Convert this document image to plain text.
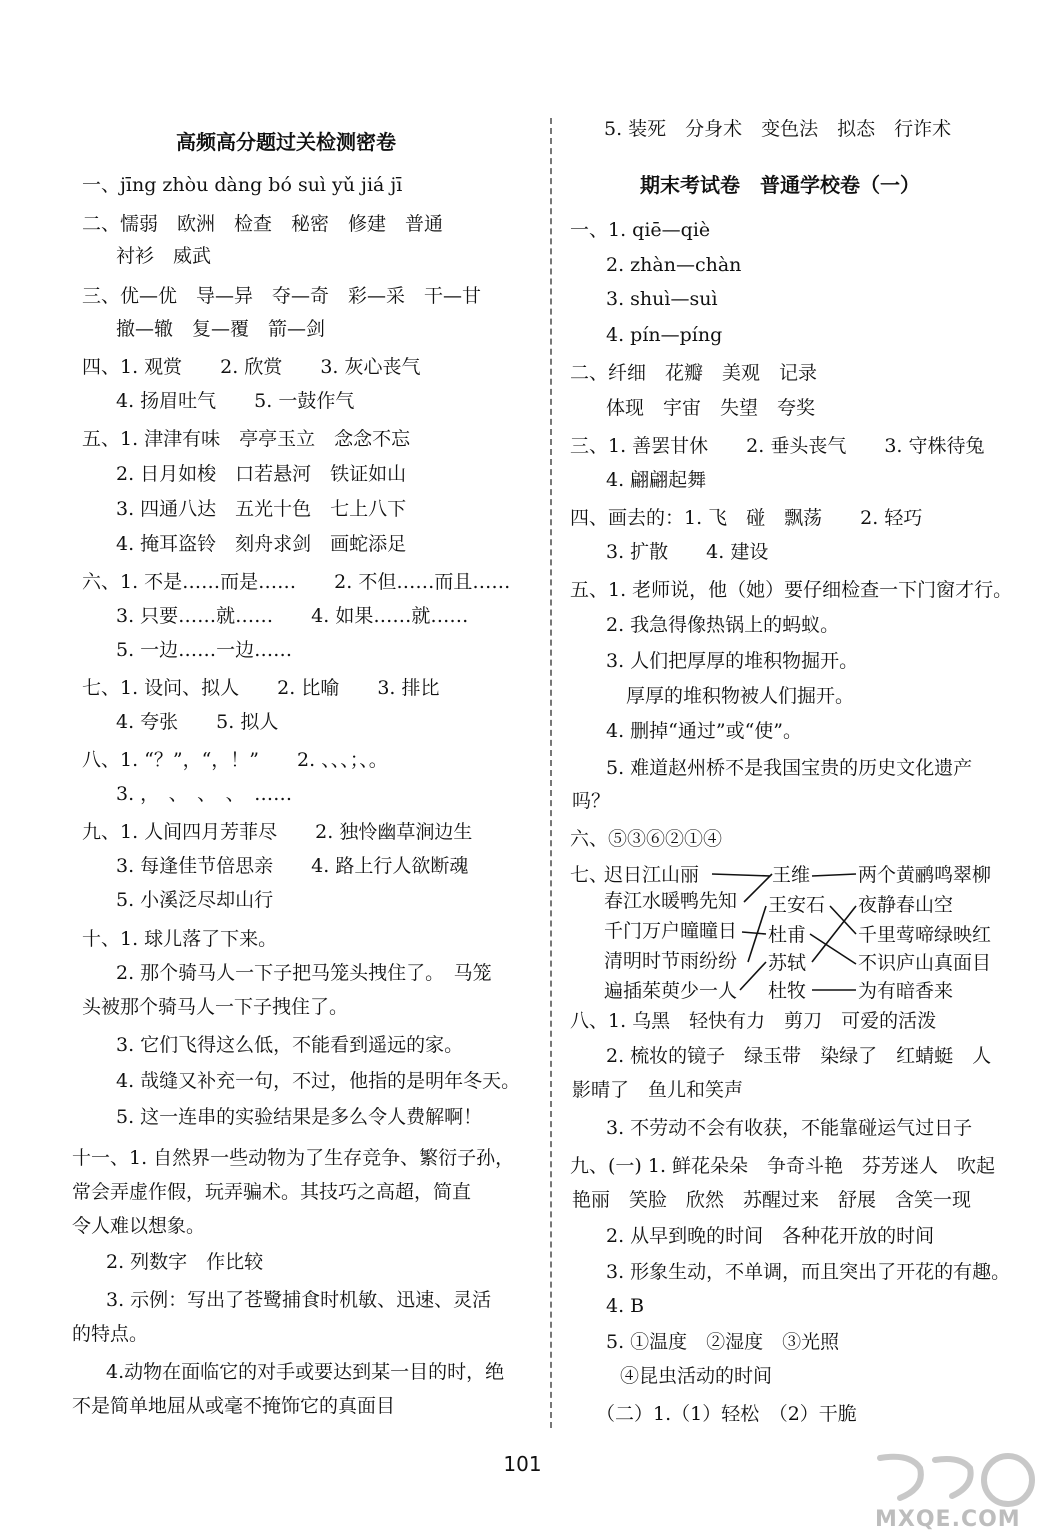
高频高分题过关检测密卷
一、jīng zhòu dàng bó suì yǔ jiá jī
二、懦弱　欧洲　检查　秘密　修建　普通
衬衫　威武
三、优—优　导—异　夺—奇　彩—采　干—甘
撤—辙　复—覆　箭—剑
四、1. 观赏　　2. 欣赏　　3. 灰心丧气
4. 扬眉吐气　　5. 一鼓作气
五、1. 津津有味　亭亭玉立　念念不忘
2. 日月如梭　口若悬河　铁证如山
3. 四通八达　五光十色　七上八下
4. 掩耳盗铃　刻舟求剑　画蛇添足
六、1. 不是……而是……　　2. 不但……而且……
3. 只要……就……　　4. 如果……就……
5. 一边……一边……
七、1. 设问、拟人　　2. 比喻　　3. 排比
4. 夸张　　5. 拟人
八、1. “？”，“，！”　　2. 、、、；、。
3. ，　、　、　、　……
九、1. 人间四月芳菲尽　　2. 独怜幽草涧边生
3. 每逢佳节倍思亲　　4. 路上行人欲断魂
5. 小溪泛尽却山行
十、1. 球儿落了下来。
2. 那个骑马人一下子把马笼头拽住了。　马笼
头被那个骑马人一下子拽住了。
3. 它们飞得这么低，不能看到遥远的家。
4. 哉缝又补充一句，不过，他指的是明年冬天。
5. 这一连串的实验结果是多么令人费解啊！
十一、1. 自然界一些动物为了生存竞争、繁衍子孙，
常会弄虚作假，玩弄骗术。其技巧之高超，简直
令人难以想象。
2. 列数字　作比较
3. 示例：写出了苍鹭捕食时机敏、迅速、灵活
的特点。
4.动物在面临它的对手或要达到某一目的时，绝
不是简单地屈从或毫不掩饰它的真面目
5. 装死　分身术　变色法　拟态　行诈术
期末考试卷　普通学校卷（一）
一、1. qiē—qiè
2. zhàn—chàn
3. shuì—suì
4. pín—píng
二、纤细　花瓣　美观　记录
体现　宇宙　失望　夸奖
三、1. 善罢甘休　　2. 垂头丧气　　3. 守株待兔
4. 翩翩起舞
四、画去的：1. 飞　碰　飘荡　　2. 轻巧
3. 扩散　　4. 建设
五、1. 老师说，他（她）要仔细检查一下门窗才行。
2. 我急得像热锅上的蚂蚁。
3. 人们把厚厚的堆积物掘开。
厚厚的堆积物被人们掘开。
4. 删掉“通过”或“使”。
5. 难道赵州桥不是我国宝贵的历史文化遗产
吗？
六、⑤③⑥②①④
七、
迟日江山丽
春江水暖鸭先知
千门万户曈曈日
清明时节雨纷纷
遍插茱萸少一人
王维
王安石
杜甫
苏轼
杜牧
两个黄鹂鸣翠柳
夜静春山空
千里莺啼绿映红
不识庐山真面目
为有暗香来
八、1. 乌黑　轻快有力　剪刀　可爱的活泼
2. 梳妆的镜子　绿玉带　染绿了　红蜻蜓　人
影晴了　鱼儿和笑声
3. 不劳动不会有收获，不能靠碰运气过日子
九、(一) 1. 鲜花朵朵　争奇斗艳　芬芳迷人　吹起
艳丽　笑脸　欣然　苏醒过来　舒展　含笑一现
2. 从早到晚的时间　各种花开放的时间
3. 形象生动，不单调，而且突出了开花的有趣。
4. B
5. ①温度　②湿度　③光照
④昆虫活动的时间
（二）1.（1）轻松　（2）干脆
101
MXQE.COM
